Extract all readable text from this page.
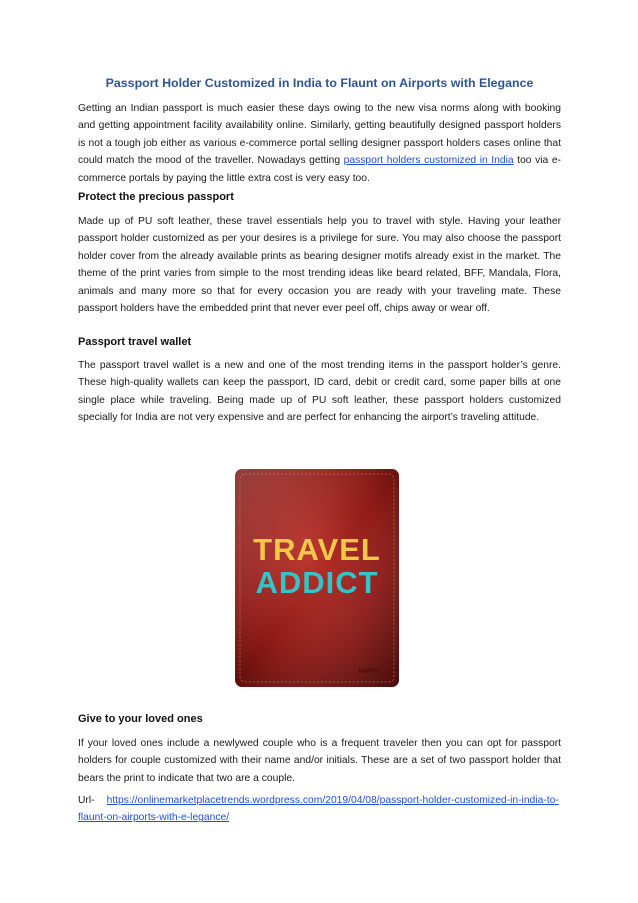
Passport Holder Customized in India to Flaunt on Airports with Elegance

Getting an Indian passport is much easier these days owing to the new visa norms along with booking and getting appointment facility availability online. Similarly, getting beautifully designed passport holders is not a tough job either as various e-commerce portal selling designer passport holders cases online that could match the mood of the traveller. Nowadays getting passport holders customized in India too via e-commerce portals by paying the little extra cost is very easy too.

Protect the precious passport

Made up of PU soft leather, these travel essentials help you to travel with style. Having your leather passport holder customized as per your desires is a privilege for sure. You may also choose the passport holder cover from the already available prints as bearing designer motifs already exist in the market. The theme of the print varies from simple to the most trending ideas like beard related, BFF, Mandala, Flora, animals and many more so that for every occasion you are ready with your traveling mate. These passport holders have the embedded print that never ever peel off, chips away or wear off.

Passport travel wallet

The passport travel wallet is a new and one of the most trending items in the passport holder’s genre. These high-quality wallets can keep the passport, ID card, debit or credit card, some paper bills at one single place while traveling. Being made up of PU soft leather, these passport holders customized specially for India are not very expensive and are perfect for enhancing the airport’s traveling attitude.

TRAVEL
ADDICT
HAPPY
Give to your loved ones

If your loved ones include a newlywed couple who is a frequent traveler then you can opt for passport holders for couple customized with their name and/or initials. These are a set of two passport holder that bears the print to indicate that two are a couple.

Url- https://onlinemarketplacetrends.wordpress.com/2019/04/08/passport-holder-customized-in-india-to-flaunt-on-airports-with-e-legance/
